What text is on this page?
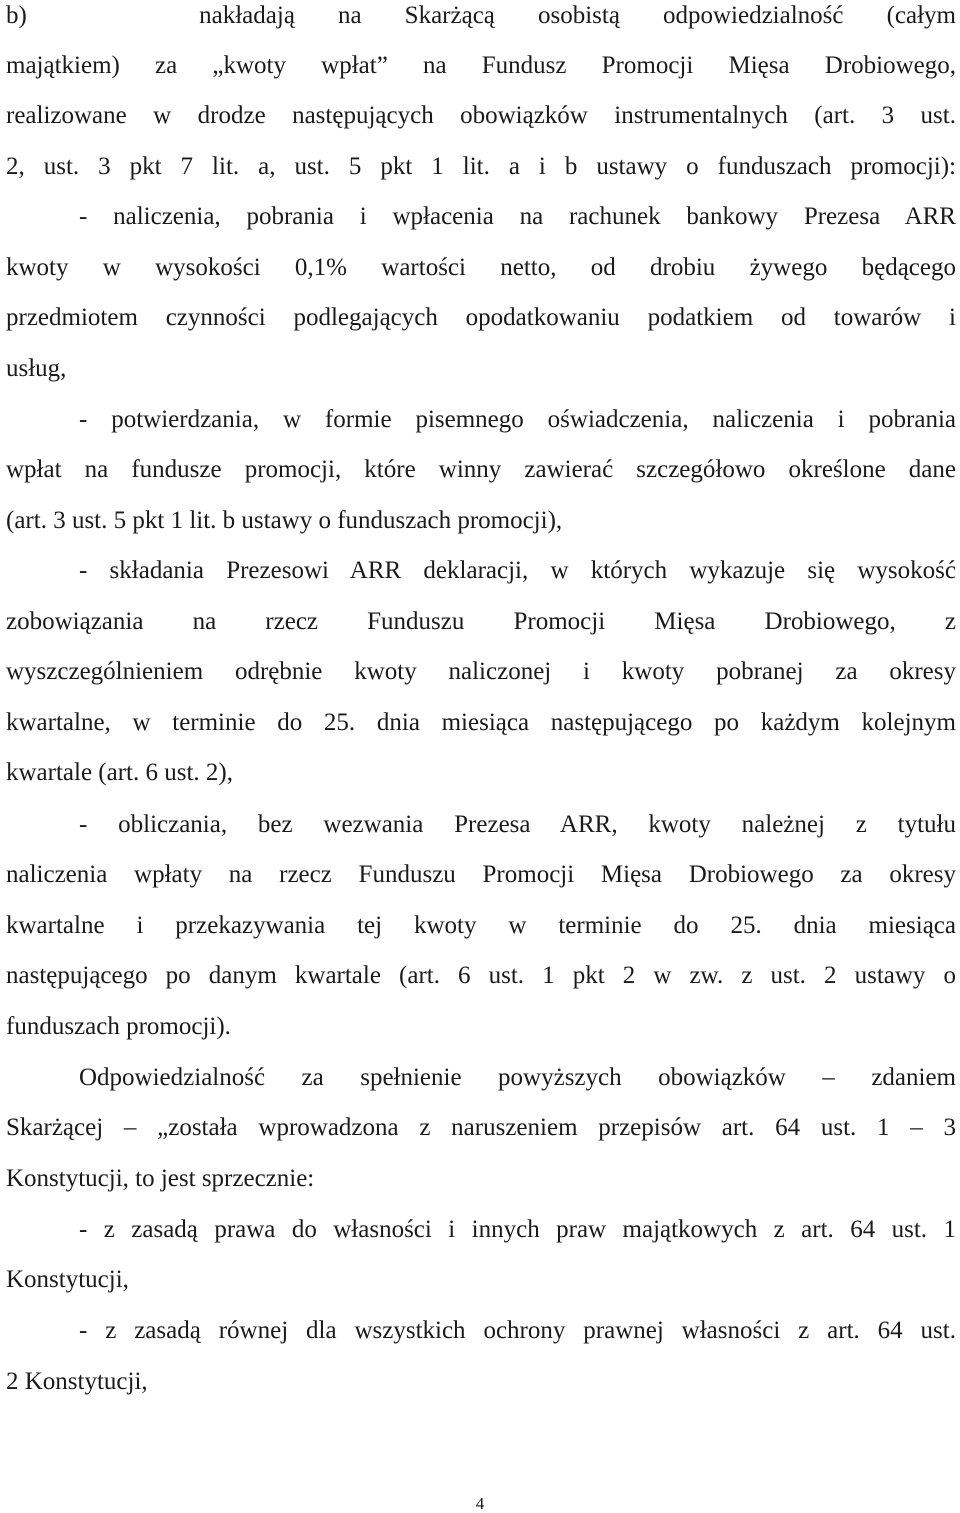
b)    nakładają na Skarżącą osobistą odpowiedzialność (całym
majątkiem) za „kwoty wpłat” na Fundusz Promocji Mięsa Drobiowego,
realizowane w drodze następujących obowiązków instrumentalnych (art. 3 ust.
2, ust. 3 pkt 7 lit. a, ust. 5 pkt 1 lit. a i b ustawy o funduszach promocji):
- naliczenia, pobrania i wpłacenia na rachunek bankowy Prezesa ARR
kwoty w wysokości 0,1% wartości netto, od drobiu żywego będącego
przedmiotem czynności podlegających opodatkowaniu podatkiem od towarów i
usług,
- potwierdzania, w formie pisemnego oświadczenia, naliczenia i pobrania
wpłat na fundusze promocji, które winny zawierać szczegółowo określone dane
(art. 3 ust. 5 pkt 1 lit. b ustawy o funduszach promocji),
- składania Prezesowi ARR deklaracji, w których wykazuje się wysokość
zobowiązania na rzecz Funduszu Promocji Mięsa Drobiowego, z
wyszczególnieniem odrębnie kwoty naliczonej i kwoty pobranej za okresy
kwartalne, w terminie do 25. dnia miesiąca następującego po każdym kolejnym
kwartale (art. 6 ust. 2),
- obliczania, bez wezwania Prezesa ARR, kwoty należnej z tytułu
naliczenia wpłaty na rzecz Funduszu Promocji Mięsa Drobiowego za okresy
kwartalne i przekazywania tej kwoty w terminie do 25. dnia miesiąca
następującego po danym kwartale (art. 6 ust. 1 pkt 2 w zw. z ust. 2 ustawy o
funduszach promocji).
Odpowiedzialność za spełnienie powyższych obowiązków – zdaniem
Skarżącej – „została wprowadzona z naruszeniem przepisów art. 64 ust. 1 – 3
Konstytucji, to jest sprzecznie:
- z zasadą prawa do własności i innych praw majątkowych z art. 64 ust. 1
Konstytucji,
- z zasadą równej dla wszystkich ochrony prawnej własności z art. 64 ust.
2 Konstytucji,
4
